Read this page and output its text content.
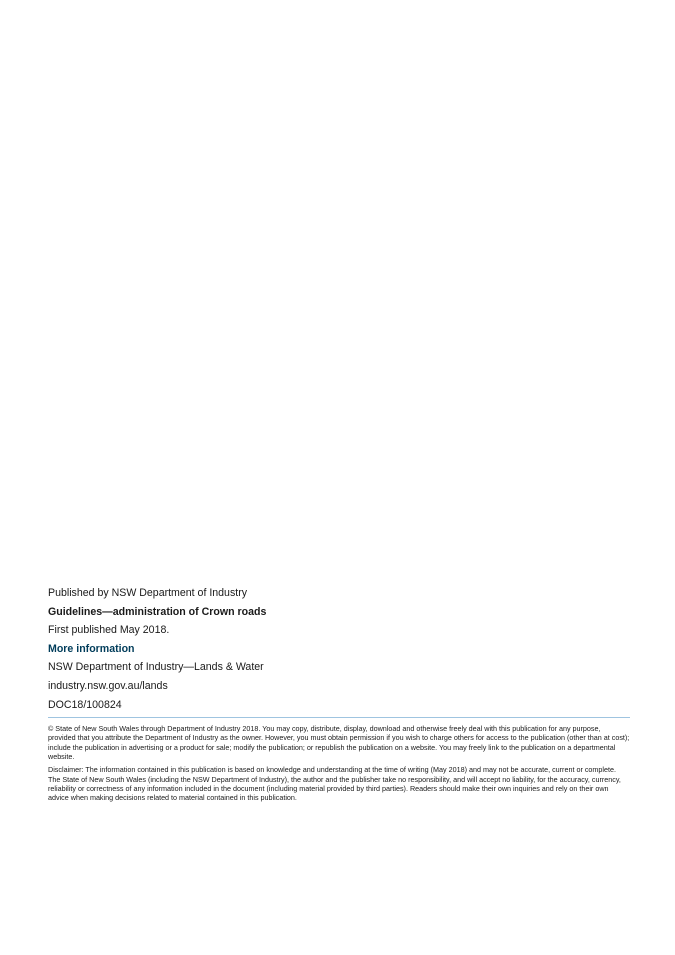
Published by NSW Department of Industry

Guidelines—administration of Crown roads

First published May 2018.

More information

NSW Department of Industry—Lands & Water

industry.nsw.gov.au/lands

DOC18/100824

© State of New South Wales through Department of Industry 2018. You may copy, distribute, display, download and otherwise freely deal with this publication for any purpose, provided that you attribute the Department of Industry as the owner. However, you must obtain permission if you wish to charge others for access to the publication (other than at cost); include the publication in advertising or a product for sale; modify the publication; or republish the publication on a website. You may freely link to the publication on a departmental website.

Disclaimer: The information contained in this publication is based on knowledge and understanding at the time of writing (May 2018) and may not be accurate, current or complete. The State of New South Wales (including the NSW Department of Industry), the author and the publisher take no responsibility, and will accept no liability, for the accuracy, currency, reliability or correctness of any information included in the document (including material provided by third parties). Readers should make their own inquiries and rely on their own advice when making decisions related to material contained in this publication.
